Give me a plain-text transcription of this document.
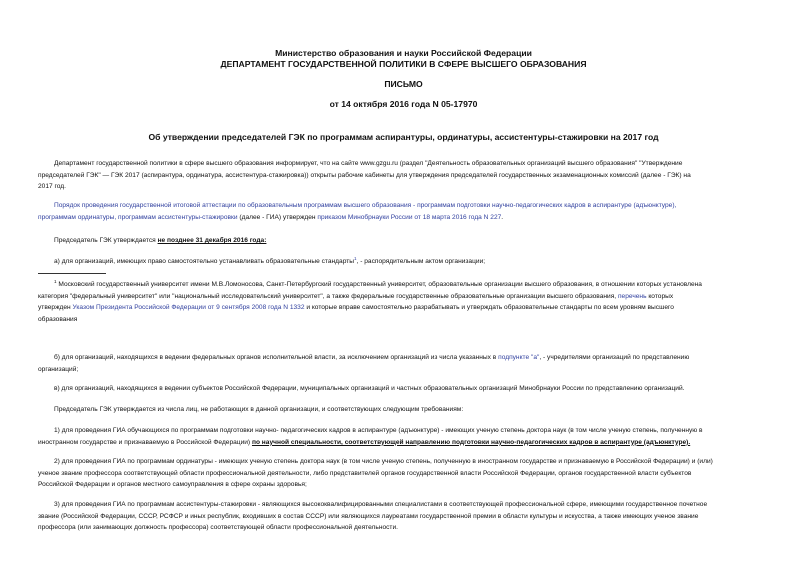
Министерство образования и науки Российской Федерации
ДЕПАРТАМЕНТ ГОСУДАРСТВЕННОЙ ПОЛИТИКИ В СФЕРЕ ВЫСШЕГО ОБРАЗОВАНИЯ
ПИСЬМО
от 14 октября 2016 года N 05-17970
Об утверждении председателей ГЭК по программам аспирантуры, ординатуры, ассистентуры-стажировки на 2017 год
Департамент государственной политики в сфере высшего образования информирует, что на сайте www.gzgu.ru (раздел "Деятельность образовательных организаций высшего образования" "Утверждение
председателей ГЭК" — ГЭК 2017 (аспирантура, ординатура, ассистентура-стажировка)) открыты рабочие кабинеты для утверждения председателей государственных экзаменационных комиссий (далее - ГЭК) на
2017 год.
Порядок проведения государственной итоговой аттестации по образовательным программам высшего образования - программам подготовки научно-педагогических кадров в аспирантуре (адъюнктуре),
программам ординатуры, программам ассистентуры-стажировки (далее - ГИА) утвержден приказом Минобрнауки России от 18 марта 2016 года N 227.
Председатель ГЭК утверждается не позднее 31 декабря 2016 года:
а) для организаций, имеющих право самостоятельно устанавливать образовательные стандарты$^1$, - распорядительным актом организации;
$^1$ Московский государственный университет имени М.В.Ломоносова, Санкт-Петербургский государственный университет, образовательные организации высшего образования, в отношении которых установлена
категория "федеральный университет" или "национальный исследовательский университет", а также федеральные государственные образовательные организации высшего образования, перечень которых
утвержден Указом Президента Российской Федерации от 9 сентября 2008 года N 1332 и которые вправе самостоятельно разрабатывать и утверждать образовательные стандарты по всем уровням высшего
образования
б) для организаций, находящихся в ведении федеральных органов исполнительной власти, за исключением организаций из числа указанных в подпункте "а", - учредителями организаций по представлению
организаций;
в) для организаций, находящихся в ведении субъектов Российской Федерации, муниципальных организаций и частных образовательных организаций Минобрнауки России по представлению организаций.
Председатель ГЭК утверждается из числа лиц, не работающих в данной организации, и соответствующих следующим требованиям:
1) для проведения ГИА обучающихся по программам подготовки научно- педагогических кадров в аспирантуре (адъюнктуре) - имеющих ученую степень доктора наук (в том числе ученую степень, полученную в
иностранном государстве и признаваемую в Российской Федерации) по научной специальности, соответствующей направлению подготовки научно-педагогических кадров в аспирантуре (адъюнктуре).
2) для проведения ГИА по программам ординатуры - имеющих ученую степень доктора наук (в том числе ученую степень, полученную в иностранном государстве и признаваемую в Российской Федерации) и (или)
ученое звание профессора соответствующей области профессиональной деятельности, либо представителей органов государственной власти Российской Федерации, органов государственной власти субъектов
Российской Федерации и органов местного самоуправления в сфере охраны здоровья;
3) для проведения ГИА по программам ассистентуры-стажировки - являющихся высококвалифицированными специалистами в соответствующей профессиональной сфере, имеющими государственное почетное
звание (Российской Федерации, СССР, РСФСР и иных республик, входивших в состав СССР) или являющихся лауреатами государственной премии в области культуры и искусства, а также имеющих ученое звание
профессора (или занимающих должность профессора) соответствующей области профессиональной деятельности.
